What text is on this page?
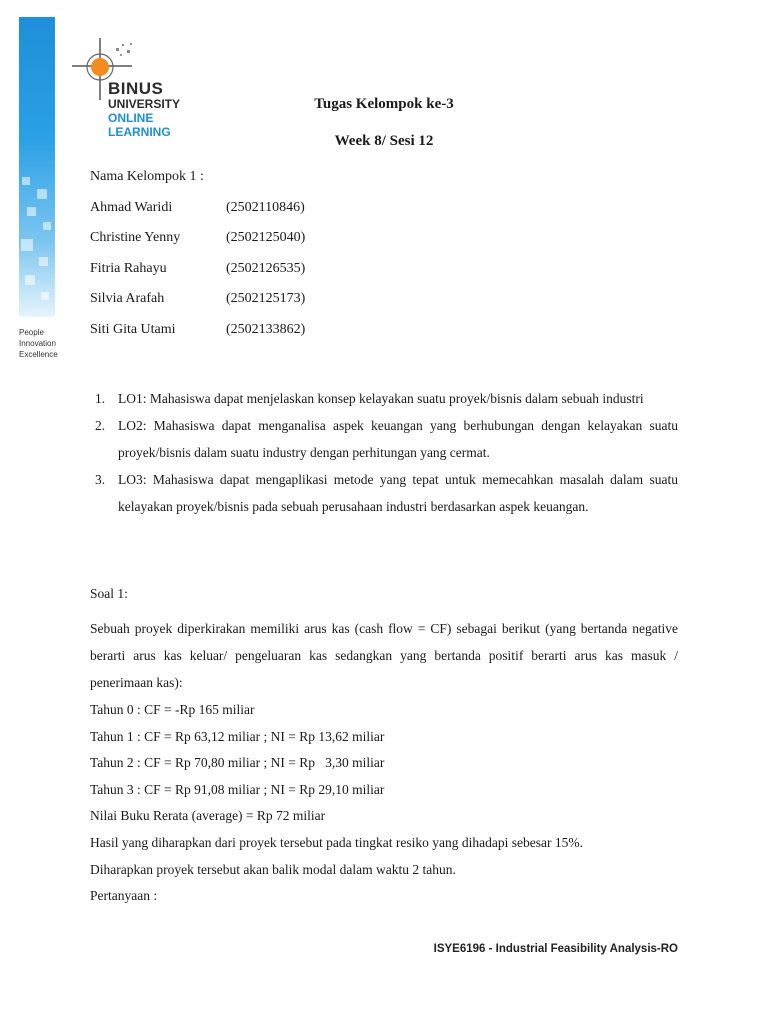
People
Innovation
Excellence
BINUS
UNIVERSITY
ONLINE
LEARNING
Tugas Kelompok ke-3
Week 8/ Sesi 12
Nama Kelompok 1 :
Ahmad Waridi	(2502110846)
Christine Yenny	(2502125040)
Fitria Rahayu	(2502126535)
Silvia Arafah	(2502125173)
Siti Gita Utami	(2502133862)
1. LO1: Mahasiswa dapat menjelaskan konsep kelayakan suatu proyek/bisnis dalam sebuah industri
2. LO2: Mahasiswa dapat menganalisa aspek keuangan yang berhubungan dengan kelayakan suatu proyek/bisnis dalam suatu industry dengan perhitungan yang cermat.
3. LO3: Mahasiswa dapat mengaplikasi metode yang tepat untuk memecahkan masalah dalam suatu kelayakan proyek/bisnis pada sebuah perusahaan industri berdasarkan aspek keuangan.
Soal 1:
Sebuah proyek diperkirakan memiliki arus kas (cash flow = CF) sebagai berikut (yang bertanda negative berarti arus kas keluar/ pengeluaran kas sedangkan yang bertanda positif berarti arus kas masuk / penerimaan kas):
Tahun 0 : CF = -Rp 165 miliar
Tahun 1 : CF = Rp 63,12 miliar ; NI = Rp 13,62 miliar
Tahun 2 : CF = Rp 70,80 miliar ; NI = Rp   3,30 miliar
Tahun 3 : CF = Rp 91,08 miliar ; NI = Rp 29,10 miliar
Nilai Buku Rerata (average) = Rp 72 miliar
Hasil yang diharapkan dari proyek tersebut pada tingkat resiko yang dihadapi sebesar 15%.
Diharapkan proyek tersebut akan balik modal dalam waktu 2 tahun.
Pertanyaan :
ISYE6196 - Industrial Feasibility Analysis-RO
